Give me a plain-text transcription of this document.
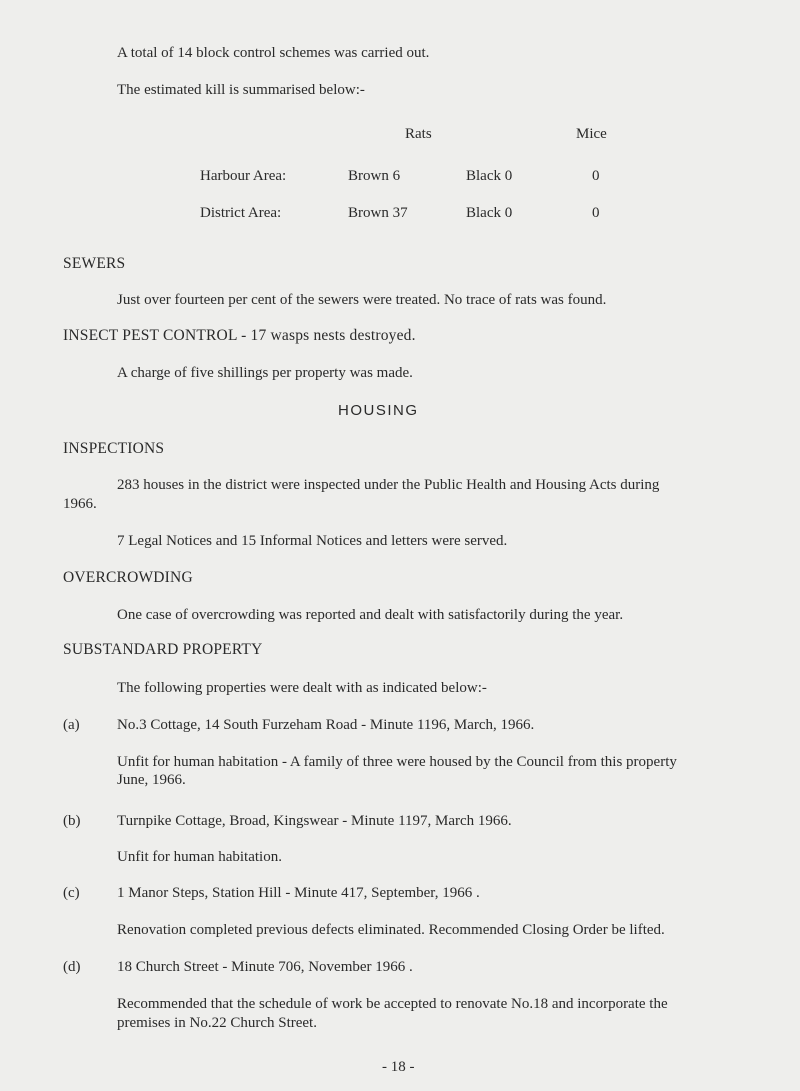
A total of 14 block control schemes was carried out.
The estimated kill is summarised below:-
Rats	Mice
Harbour Area:	Brown 6	Black 0	0
District Area:	Brown 37	Black 0	0
SEWERS
Just over fourteen per cent of the sewers were treated. No trace of rats was found.
INSECT PEST CONTROL - 17 wasps nests destroyed.
A charge of five shillings per property was made.
HOUSING
INSPECTIONS
283 houses in the district were inspected under the Public Health and Housing Acts during
1966.
7 Legal Notices and 15 Informal Notices and letters were served.
OVERCROWDING
One case of overcrowding was reported and dealt with satisfactorily during the year.
SUBSTANDARD PROPERTY
The following properties were dealt with as indicated below:-
(a) No.3 Cottage, 14 South Furzeham Road - Minute 1196, March, 1966.
Unfit for human habitation - A family of three were housed by the Council from this property
June, 1966.
(b) Turnpike Cottage, Broad, Kingswear - Minute 1197, March 1966.
Unfit for human habitation.
(c) 1 Manor Steps, Station Hill - Minute 417, September, 1966 .
Renovation completed previous defects eliminated. Recommended Closing Order be lifted.
(d) 18 Church Street - Minute 706, November 1966 .
Recommended that the schedule of work be accepted to renovate No.18 and incorporate the
premises in No.22 Church Street.
- 18 -
